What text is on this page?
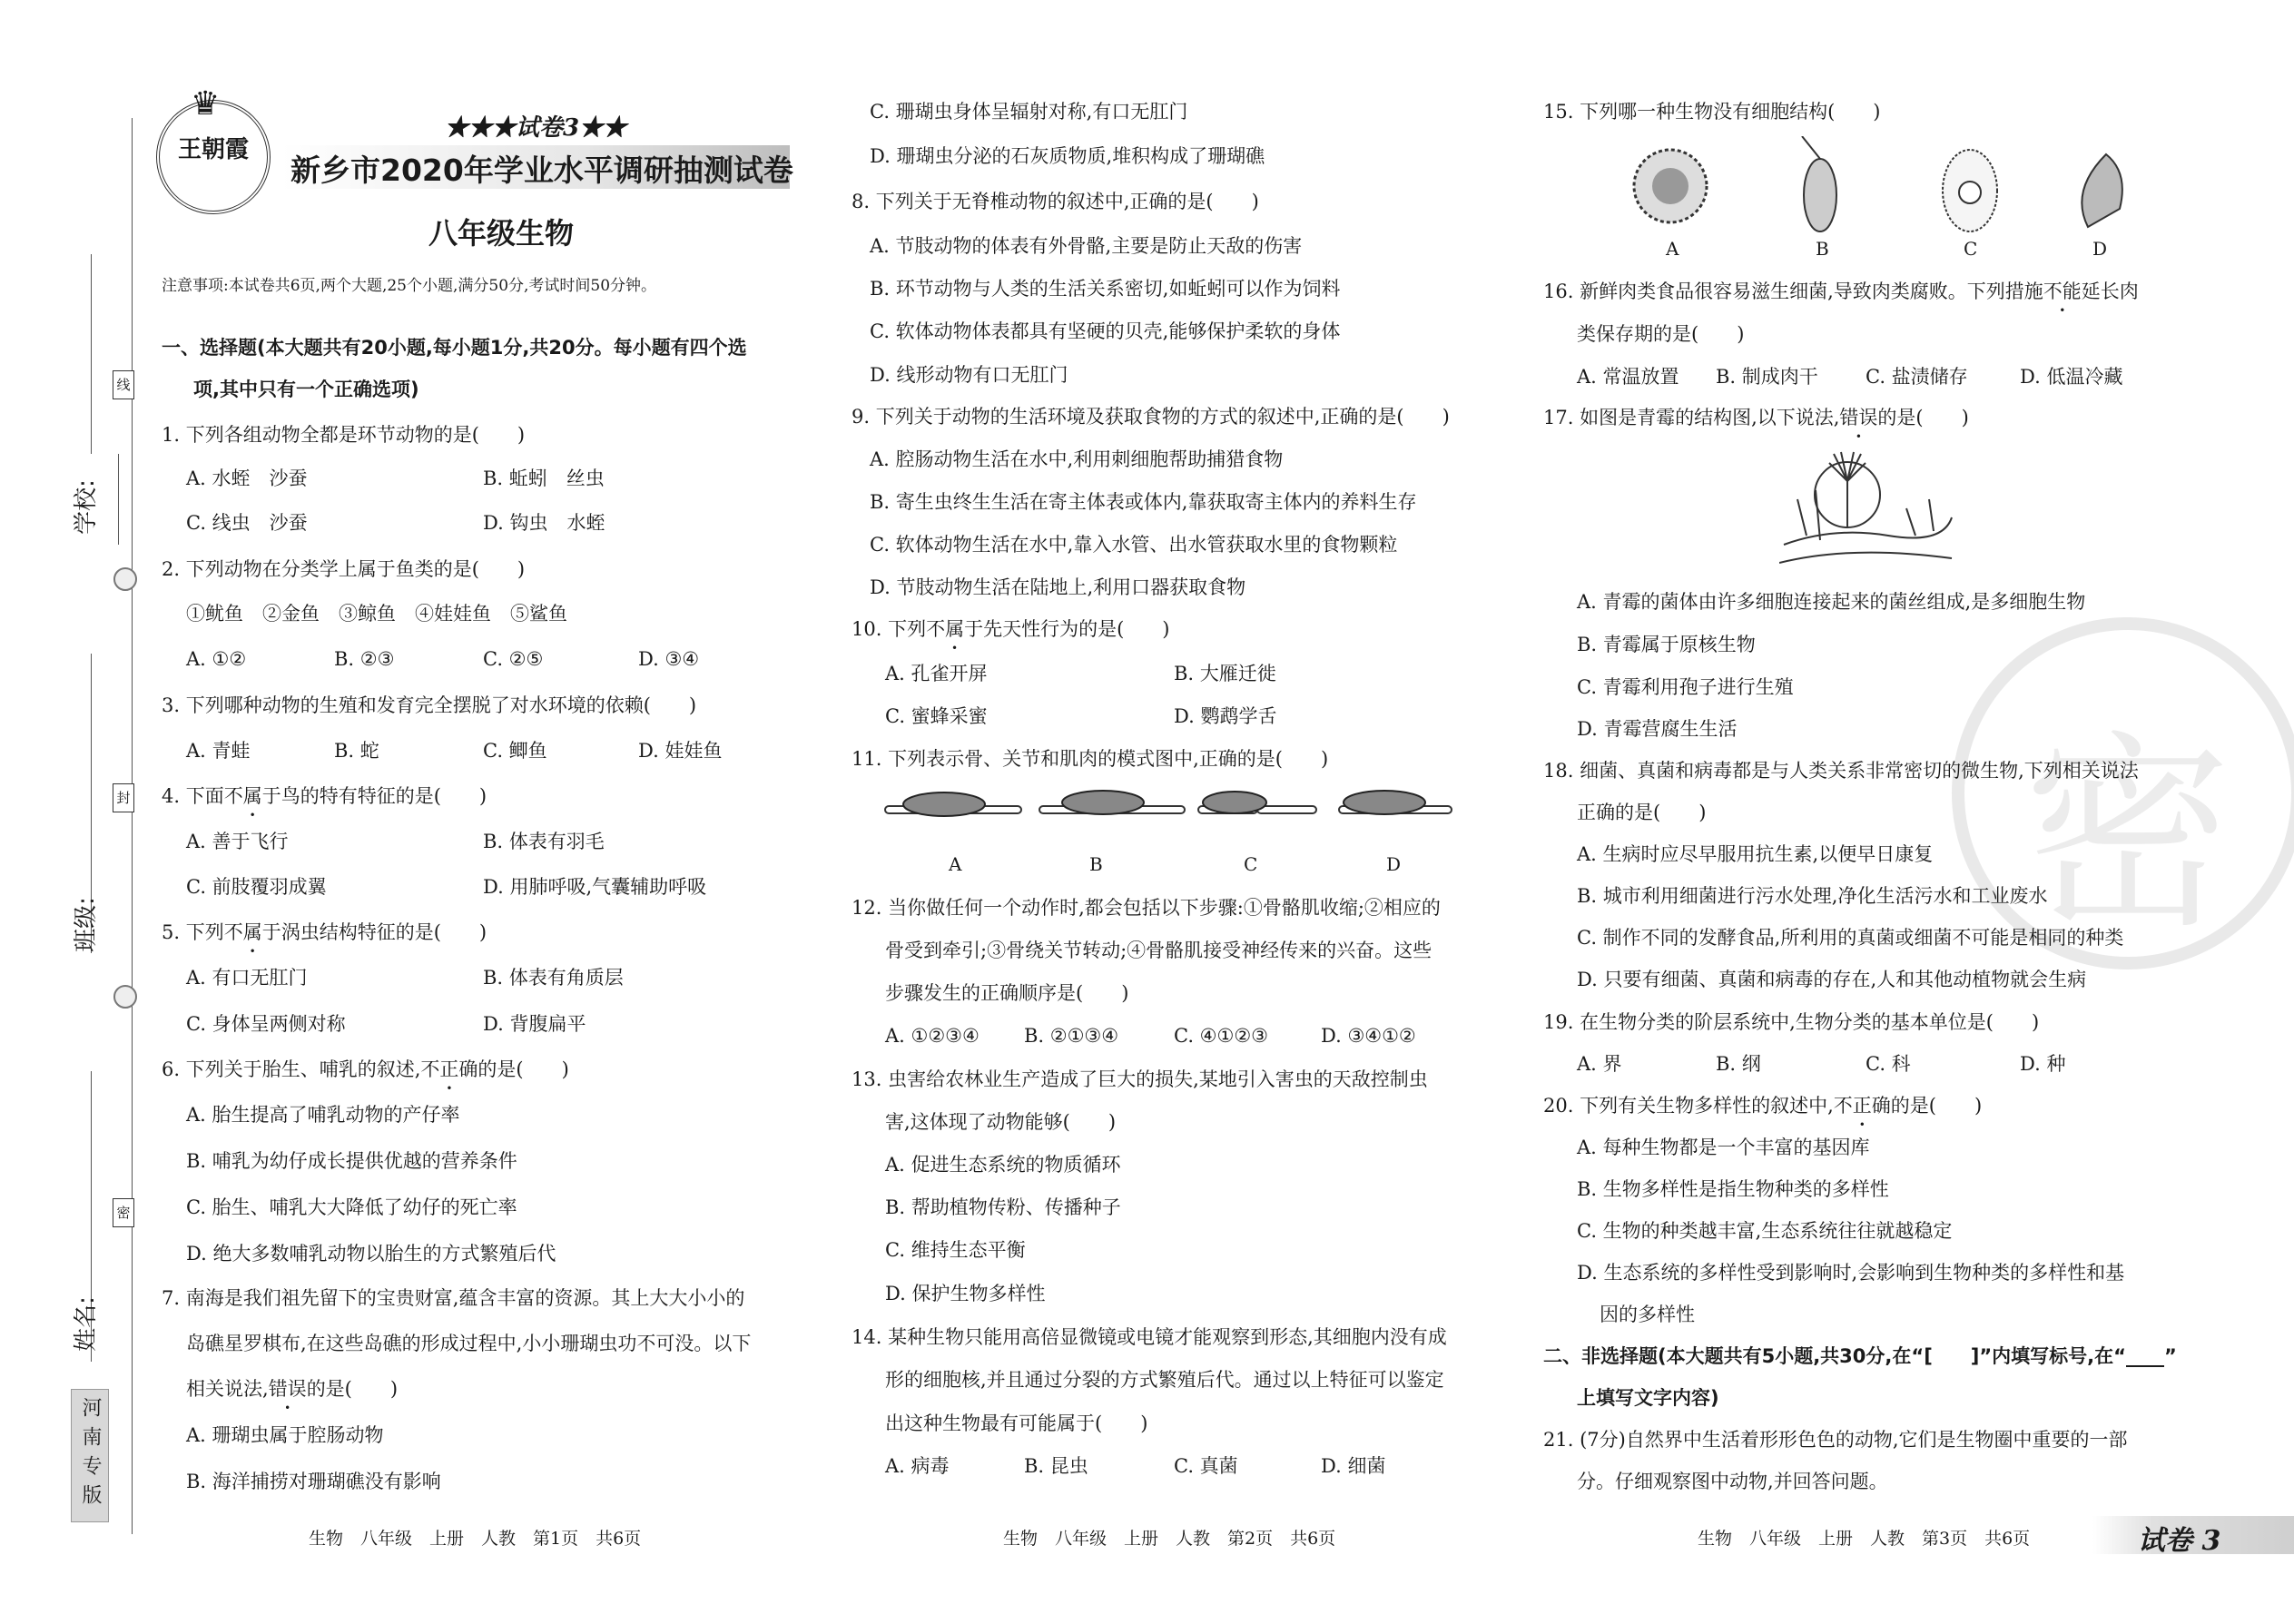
学校:
班级:
姓名:
线
封
密
河南专版
王朝霞
♛
★★★试卷3★★
新乡市2020年学业水平调研抽测试卷
八年级生物
注意事项:本试卷共6页,两个大题,25个小题,满分50分,考试时间50分钟。
一、选择题(本大题共有20小题,每小题1分,共20分。每小题有四个选
项,其中只有一个正确选项)
1. 下列各组动物全都是环节动物的是(　　)
A. 水蛭　沙蚕	B. 蚯蚓　丝虫
C. 线虫　沙蚕	D. 钩虫　水蛭
2. 下列动物在分类学上属于鱼类的是(　　)
①鱿鱼　②金鱼　③鲸鱼　④娃娃鱼　⑤鲨鱼
A. ①②	B. ②③	C. ②⑤	D. ③④
3. 下列哪种动物的生殖和发育完全摆脱了对水环境的依赖(　　)
A. 青蛙	B. 蛇	C. 鲫鱼	D. 娃娃鱼
4. 下面不属于鸟的特有特征的是(　　)
A. 善于飞行	B. 体表有羽毛
C. 前肢覆羽成翼	D. 用肺呼吸,气囊辅助呼吸
5. 下列不属于涡虫结构特征的是(　　)
A. 有口无肛门	B. 体表有角质层
C. 身体呈两侧对称	D. 背腹扁平
6. 下列关于胎生、哺乳的叙述,不正确的是(　　)
A. 胎生提高了哺乳动物的产仔率
B. 哺乳为幼仔成长提供优越的营养条件
C. 胎生、哺乳大大降低了幼仔的死亡率
D. 绝大多数哺乳动物以胎生的方式繁殖后代
7. 南海是我们祖先留下的宝贵财富,蕴含丰富的资源。其上大大小小的
岛礁星罗棋布,在这些岛礁的形成过程中,小小珊瑚虫功不可没。以下
相关说法,错误的是(　　)
A. 珊瑚虫属于腔肠动物
B. 海洋捕捞对珊瑚礁没有影响
生物　八年级　上册　人教　第1页　共6页
C. 珊瑚虫身体呈辐射对称,有口无肛门
D. 珊瑚虫分泌的石灰质物质,堆积构成了珊瑚礁
8. 下列关于无脊椎动物的叙述中,正确的是(　　)
A. 节肢动物的体表有外骨骼,主要是防止天敌的伤害
B. 环节动物与人类的生活关系密切,如蚯蚓可以作为饲料
C. 软体动物体表都具有坚硬的贝壳,能够保护柔软的身体
D. 线形动物有口无肛门
9. 下列关于动物的生活环境及获取食物的方式的叙述中,正确的是(　　)
A. 腔肠动物生活在水中,利用刺细胞帮助捕猎食物
B. 寄生虫终生生活在寄主体表或体内,靠获取寄主体内的养料生存
C. 软体动物生活在水中,靠入水管、出水管获取水里的食物颗粒
D. 节肢动物生活在陆地上,利用口器获取食物
10. 下列不属于先天性行为的是(　　)
A. 孔雀开屏	B. 大雁迁徙
C. 蜜蜂采蜜	D. 鹦鹉学舌
11. 下列表示骨、关节和肌肉的模式图中,正确的是(　　)
A	B	C	D
12. 当你做任何一个动作时,都会包括以下步骤:①骨骼肌收缩;②相应的
骨受到牵引;③骨绕关节转动;④骨骼肌接受神经传来的兴奋。这些
步骤发生的正确顺序是(　　)
A. ①②③④ B. ②①③④	C. ④①②③	D. ③④①②
13. 虫害给农林业生产造成了巨大的损失,某地引入害虫的天敌控制虫
害,这体现了动物能够(　　)
A. 促进生态系统的物质循环
B. 帮助植物传粉、传播种子
C. 维持生态平衡
D. 保护生物多样性
14. 某种生物只能用高倍显微镜或电镜才能观察到形态,其细胞内没有成
形的细胞核,并且通过分裂的方式繁殖后代。通过以上特征可以鉴定
出这种生物最有可能属于(　　)
A. 病毒	B. 昆虫	C. 真菌	D. 细菌
生物　八年级　上册　人教　第2页　共6页
密
15. 下列哪一种生物没有细胞结构(　　)
A	B	C	D
16. 新鲜肉类食品很容易滋生细菌,导致肉类腐败。下列措施不能延长肉
类保存期的是(　　)
A. 常温放置 B. 制成肉干 C. 盐渍储存	D. 低温冷藏
17. 如图是青霉的结构图,以下说法,错误的是(　　)
A. 青霉的菌体由许多细胞连接起来的菌丝组成,是多细胞生物
B. 青霉属于原核生物
C. 青霉利用孢子进行生殖
D. 青霉营腐生生活
18. 细菌、真菌和病毒都是与人类关系非常密切的微生物,下列相关说法
正确的是(　　)
A. 生病时应尽早服用抗生素,以便早日康复
B. 城市利用细菌进行污水处理,净化生活污水和工业废水
C. 制作不同的发酵食品,所利用的真菌或细菌不可能是相同的种类
D. 只要有细菌、真菌和病毒的存在,人和其他动植物就会生病
19. 在生物分类的阶层系统中,生物分类的基本单位是(　　)
A. 界	B. 纲	C. 科	D. 种
20. 下列有关生物多样性的叙述中,不正确的是(　　)
A. 每种生物都是一个丰富的基因库
B. 生物多样性是指生物种类的多样性
C. 生物的种类越丰富,生态系统往往就越稳定
D. 生态系统的多样性受到影响时,会影响到生物种类的多样性和基
因的多样性
二、非选择题(本大题共有5小题,共30分,在“[　　]”内填写标号,在“____”
上填写文字内容)
21. (7分)自然界中生活着形形色色的动物,它们是生物圈中重要的一部
分。仔细观察图中动物,并回答问题。
生物　八年级　上册　人教　第3页　共6页	试卷 3
